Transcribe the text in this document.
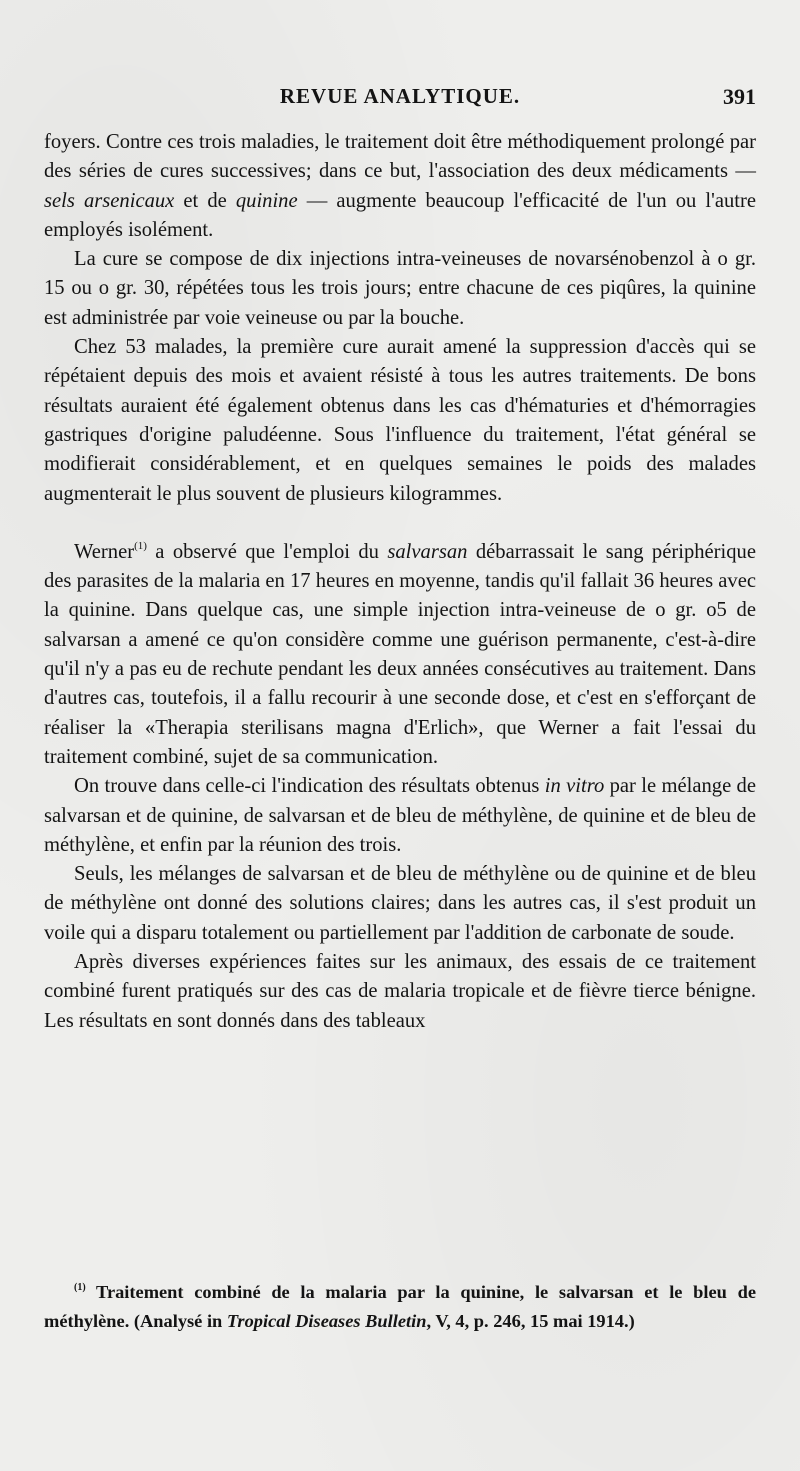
REVUE ANALYTIQUE.	391

foyers. Contre ces trois maladies, le traitement doit être méthodiquement prolongé par des séries de cures successives; dans ce but, l'association des deux médicaments — sels arsenicaux et de quinine — augmente beaucoup l'efficacité de l'un ou l'autre employés isolément.

La cure se compose de dix injections intra-veineuses de novarsénobenzol à o gr. 15 ou o gr. 30, répétées tous les trois jours; entre chacune de ces piqûres, la quinine est administrée par voie veineuse ou par la bouche.

Chez 53 malades, la première cure aurait amené la suppression d'accès qui se répétaient depuis des mois et avaient résisté à tous les autres traitements. De bons résultats auraient été également obtenus dans les cas d'hématuries et d'hémorragies gastriques d'origine paludéenne. Sous l'influence du traitement, l'état général se modifierait considérablement, et en quelques semaines le poids des malades augmenterait le plus souvent de plusieurs kilogrammes.

Werner$^{(1)}$ a observé que l'emploi du salvarsan débarrassait le sang périphérique des parasites de la malaria en 17 heures en moyenne, tandis qu'il fallait 36 heures avec la quinine. Dans quelque cas, une simple injection intra-veineuse de o gr. o5 de salvarsan a amené ce qu'on considère comme une guérison permanente, c'est-à-dire qu'il n'y a pas eu de rechute pendant les deux années consécutives au traitement. Dans d'autres cas, toutefois, il a fallu recourir à une seconde dose, et c'est en s'efforçant de réaliser la «Therapia sterilisans magna d'Erlich», que Werner a fait l'essai du traitement combiné, sujet de sa communication.

On trouve dans celle-ci l'indication des résultats obtenus in vitro par le mélange de salvarsan et de quinine, de salvarsan et de bleu de méthylène, de quinine et de bleu de méthylène, et enfin par la réunion des trois.

Seuls, les mélanges de salvarsan et de bleu de méthylène ou de quinine et de bleu de méthylène ont donné des solutions claires; dans les autres cas, il s'est produit un voile qui a disparu totalement ou partiellement par l'addition de carbonate de soude.

Après diverses expériences faites sur les animaux, des essais de ce traitement combiné furent pratiqués sur des cas de malaria tropicale et de fièvre tierce bénigne. Les résultats en sont donnés dans des tableaux

$^{(1)}$ Traitement combiné de la malaria par la quinine, le salvarsan et le bleu de méthylène. (Analysé in Tropical Diseases Bulletin, V, 4, p. 246, 15 mai 1914.)
